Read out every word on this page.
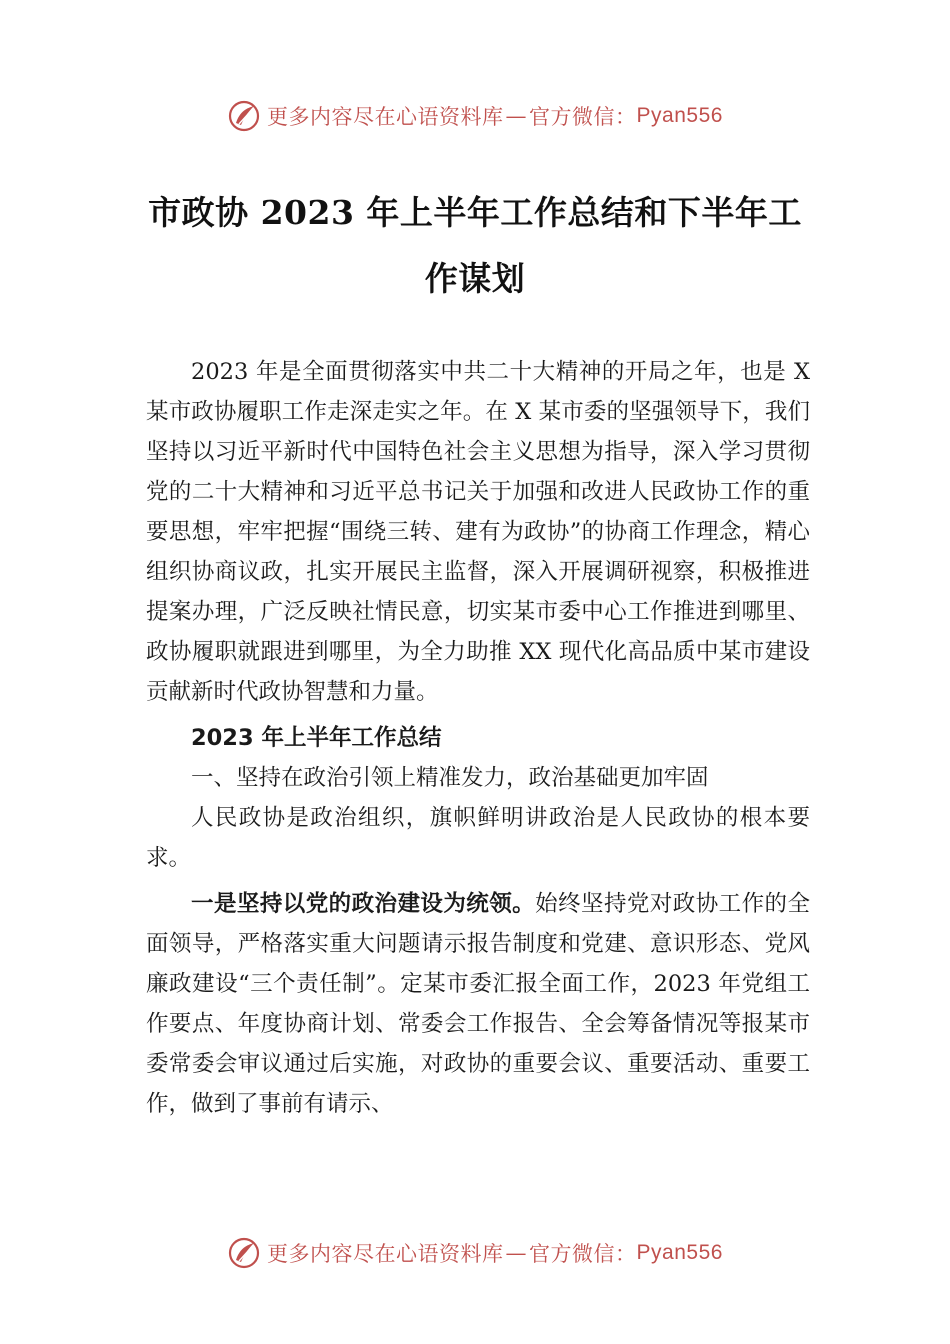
更多内容尽在心语资料库 — 官方微信： Pyan556
市政协 2023 年上半年工作总结和下半年工作谋划

2023 年是全面贯彻落实中共二十大精神的开局之年，也是 X 某市政协履职工作走深走实之年。在 X 某市委的坚强领导下，我们坚持以习近平新时代中国特色社会主义思想为指导，深入学习贯彻党的二十大精神和习近平总书记关于加强和改进人民政协工作的重要思想，牢牢把握“围绕三转、建有为政协”的协商工作理念，精心组织协商议政，扎实开展民主监督，深入开展调研视察，积极推进提案办理，广泛反映社情民意，切实某市委中心工作推进到哪里、政协履职就跟进到哪里，为全力助推 XX 现代化高品质中某市建设贡献新时代政协智慧和力量。

2023 年上半年工作总结

一、坚持在政治引领上精准发力，政治基础更加牢固

人民政协是政治组织，旗帜鲜明讲政治是人民政协的根本要求。

一是坚持以党的政治建设为统领。始终坚持党对政协工作的全面领导，严格落实重大问题请示报告制度和党建、意识形态、党风廉政建设“三个责任制”。定某市委汇报全面工作，2023 年党组工作要点、年度协商计划、常委会工作报告、全会筹备情况等报某市委常委会审议通过后实施，对政协的重要会议、重要活动、重要工作，做到了事前有请示、

更多内容尽在心语资料库 — 官方微信： Pyan556
